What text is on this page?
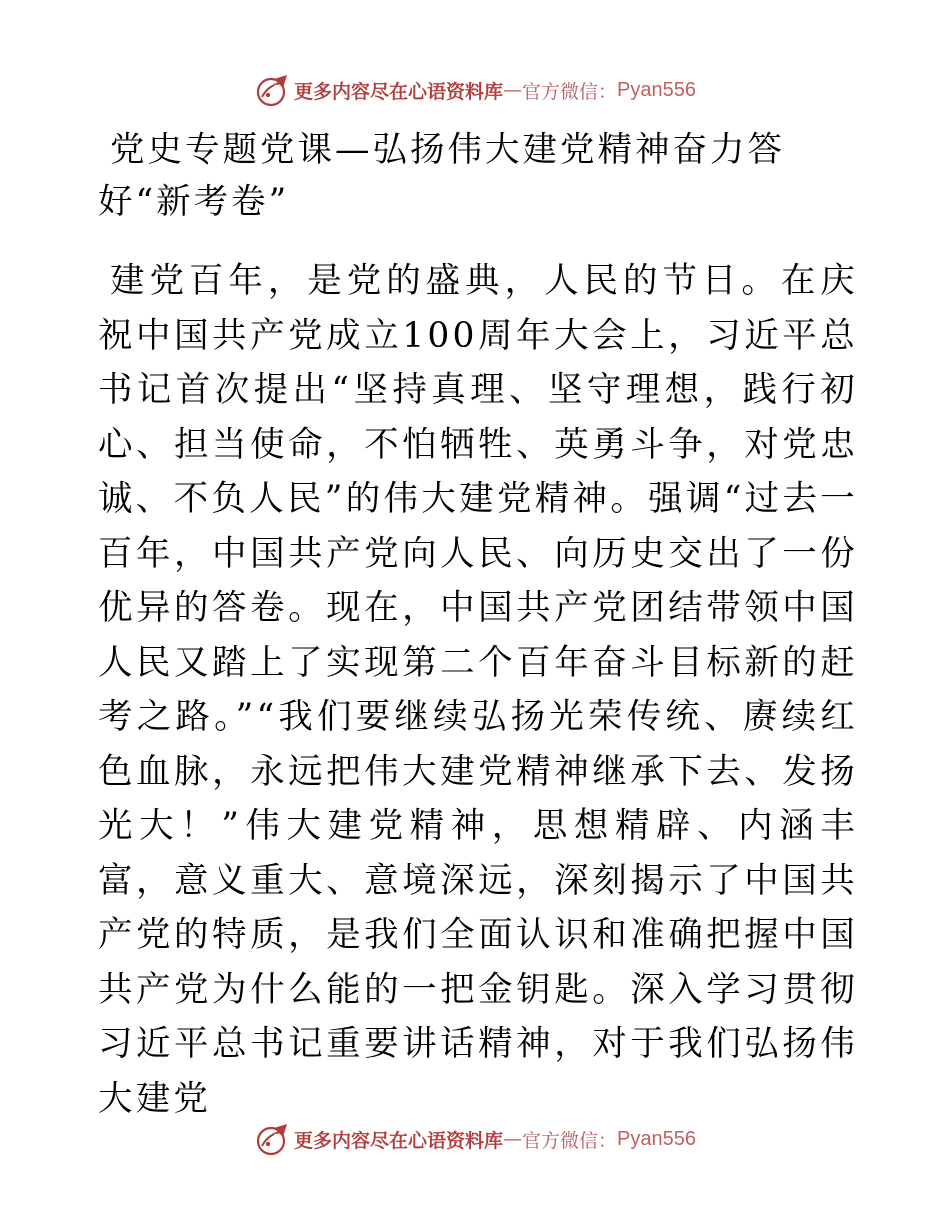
更多内容尽在心语资料库 — 官方微信： Pyan556
党史专题党课—弘扬伟大建党精神奋力答好“新考卷”

建党百年，是党的盛典，人民的节日。在庆祝中国共产党成立100周年大会上，习近平总书记首次提出“坚持真理、坚守理想，践行初心、担当使命，不怕牺牲、英勇斗争，对党忠诚、不负人民”的伟大建党精神。强调“过去一百年，中国共产党向人民、向历史交出了一份优异的答卷。现在，中国共产党团结带领中国人民又踏上了实现第二个百年奋斗目标新的赶考之路。”“我们要继续弘扬光荣传统、赓续红色血脉，永远把伟大建党精神继承下去、发扬光大！”伟大建党精神，思想精辟、内涵丰富，意义重大、意境深远，深刻揭示了中国共产党的特质，是我们全面认识和准确把握中国共产党为什么能的一把金钥匙。深入学习贯彻习近平总书记重要讲话精神，对于我们弘扬伟大建党

更多内容尽在心语资料库 — 官方微信： Pyan556
